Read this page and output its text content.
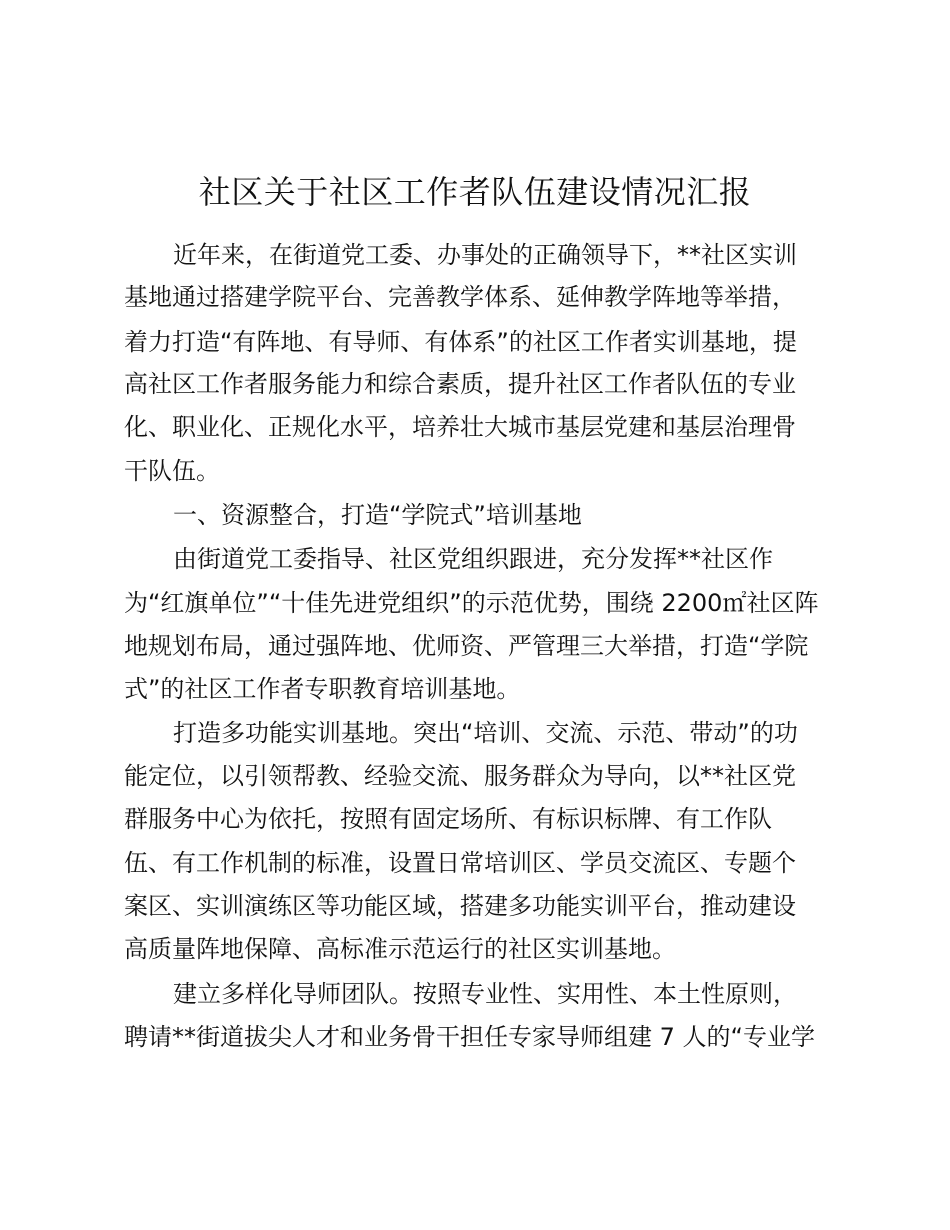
社区关于社区工作者队伍建设情况汇报

近年来，在街道党工委、办事处的正确领导下，**社区实训

基地通过搭建学院平台、完善教学体系、延伸教学阵地等举措，

着力打造“有阵地、有导师、有体系”的社区工作者实训基地，提

高社区工作者服务能力和综合素质，提升社区工作者队伍的专业

化、职业化、正规化水平，培养壮大城市基层党建和基层治理骨

干队伍。

一、资源整合，打造“学院式”培训基地

由街道党工委指导、社区党组织跟进，充分发挥**社区作

为“红旗单位”“十佳先进党组织”的示范优势，围绕 2200㎡社区阵

地规划布局，通过强阵地、优师资、严管理三大举措，打造“学院

式”的社区工作者专职教育培训基地。

打造多功能实训基地。突出“培训、交流、示范、带动”的功

能定位，以引领帮教、经验交流、服务群众为导向，以**社区党

群服务中心为依托，按照有固定场所、有标识标牌、有工作队

伍、有工作机制的标准，设置日常培训区、学员交流区、专题个

案区、实训演练区等功能区域，搭建多功能实训平台，推动建设

高质量阵地保障、高标准示范运行的社区实训基地。

建立多样化导师团队。按照专业性、实用性、本土性原则，

聘请**街道拔尖人才和业务骨干担任专家导师组建 7 人的“专业学
